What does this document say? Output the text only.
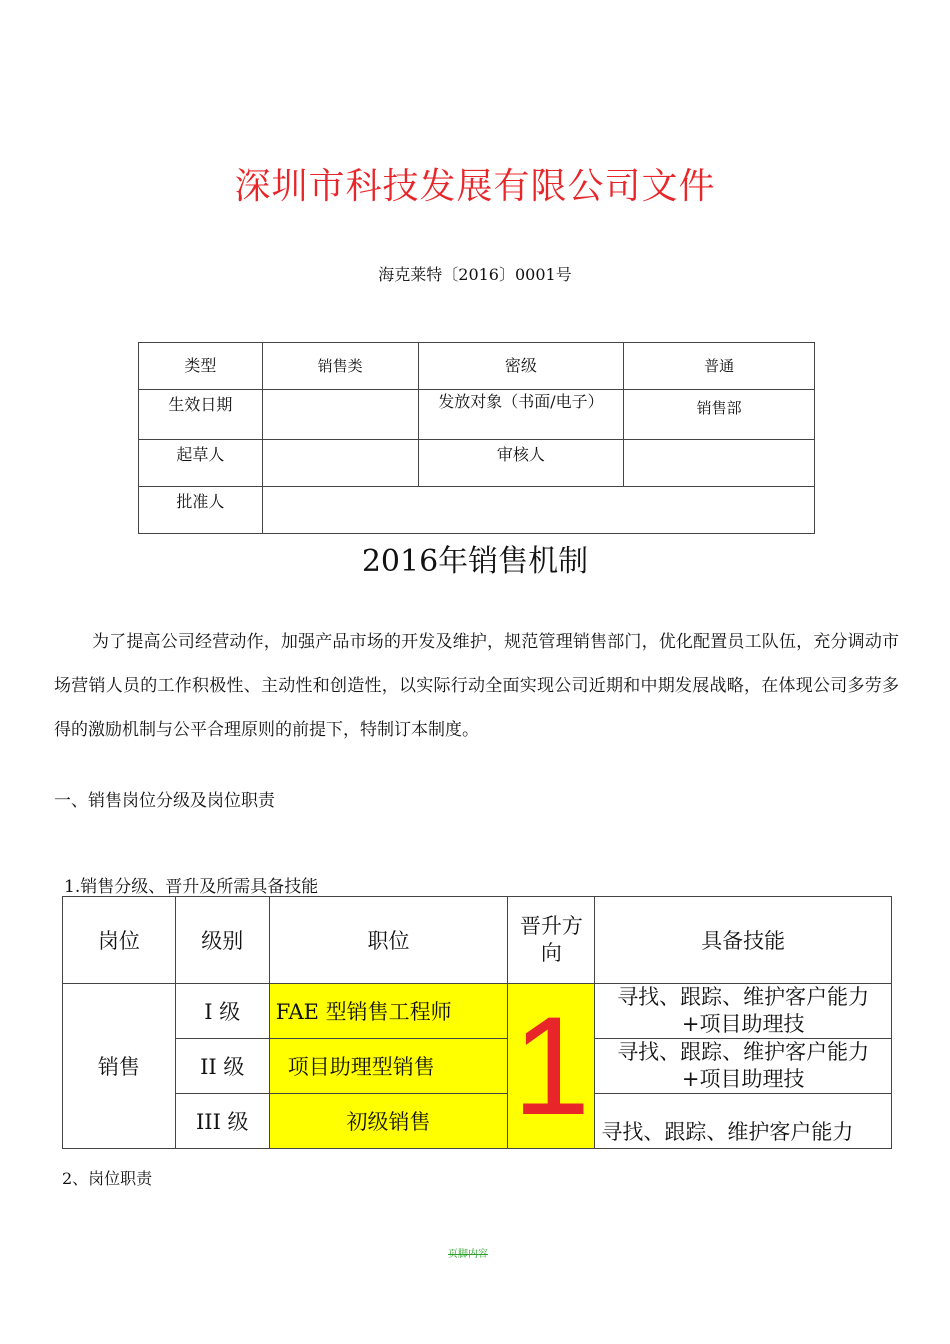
深圳市科技发展有限公司文件
海克莱特〔2016〕0001号
类型	销售类	密级	普通
生效日期		发放对象（书面/电子）	销售部
起草人		审核人	
批准人			
2016年销售机制
为了提高公司经营动作，加强产品市场的开发及维护，规范管理销售部门，优化配置员工队伍，充分调动市场营销人员的工作积极性、主动性和创造性，以实际行动全面实现公司近期和中期发展战略，在体现公司多劳多得的激励机制与公平合理原则的前提下，特制订本制度。
一、销售岗位分级及岗位职责
1.销售分级、晋升及所需具备技能
岗位	级别	职位	晋升方向	具备技能
销售	I 级	FAE 型销售工程师	1	寻找、跟踪、维护客户能力+项目助理技
	II 级	项目助理型销售		寻找、跟踪、维护客户能力+项目助理技
	III 级	初级销售		寻找、跟踪、维护客户能力
2、岗位职责
页脚内容
